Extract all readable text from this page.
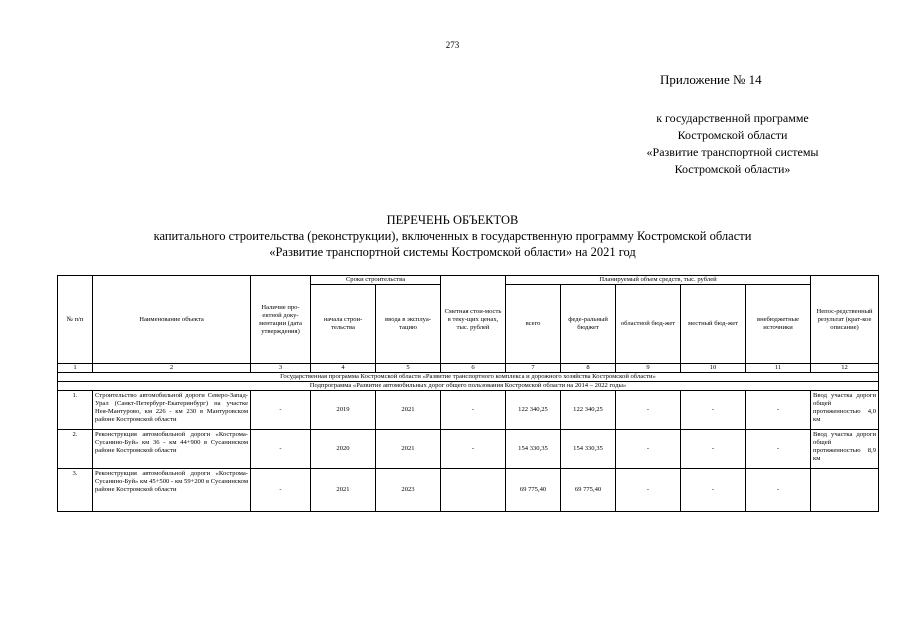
273
Приложение № 14
к государственной программе
Костромской области
«Развитие транспортной системы
Костромской области»
ПЕРЕЧЕНЬ ОБЪЕКТОВ
капитального строительства (реконструкции), включенных в государственную программу Костромской области
«Развитие транспортной системы Костромской области» на 2021 год
№ п/п	Наименование объекта	Наличие про-ектной доку-ментации (дата утверждения)	Сроки строительства		Сметная стои-мость в теку-щих ценах, тыс. рублей	Планируемый объем средств, тыс. рублей					Непос-редственный результат (крат-кое описание)
			начала строи-тельства	ввода в эксплуа-тацию		всего	феде-ральный бюджет	областной бюд-жет	местный бюд-жет	внебюджетные источники	
1	2	3	4	5	6	7	8	9	10	11	12
Государственная программа Костромской области «Развитие транспортного комплекса и дорожного хозяйства Костромской области»											
Подпрограмма «Развитие автомобильных дорог общего пользования Костромской области на 2014 – 2022 годы»											
1.	Строительство автомобильной дороги Северо-Запад-Урал (Санкт-Петербург-Екатеринбург) на участке Нея-Мантурово, км 226 - км 230 в Мантуровском районе Костромской области	-	2019	2021	-	122 340,25	122 340,25	-	-	-	Ввод участка дороги общей протяженностью 4,0 км
2.	Реконструкция автомобильной дороги «Кострома-Сусанино-Буй» км 36 - км 44+900 в Сусанинском районе Костромской области	-	2020	2021	-	154 330,35	154 330,35	-	-	-	Ввод участка дороги общей протяженностью 8,9 км
3.	Реконструкция автомобильной дороги «Кострома-Сусанино-Буй» км 45+500 - км 59+200 в Сусанинском районе Костромской области	-	2021	2023		69 775,40	69 775,40	-	-	-	
